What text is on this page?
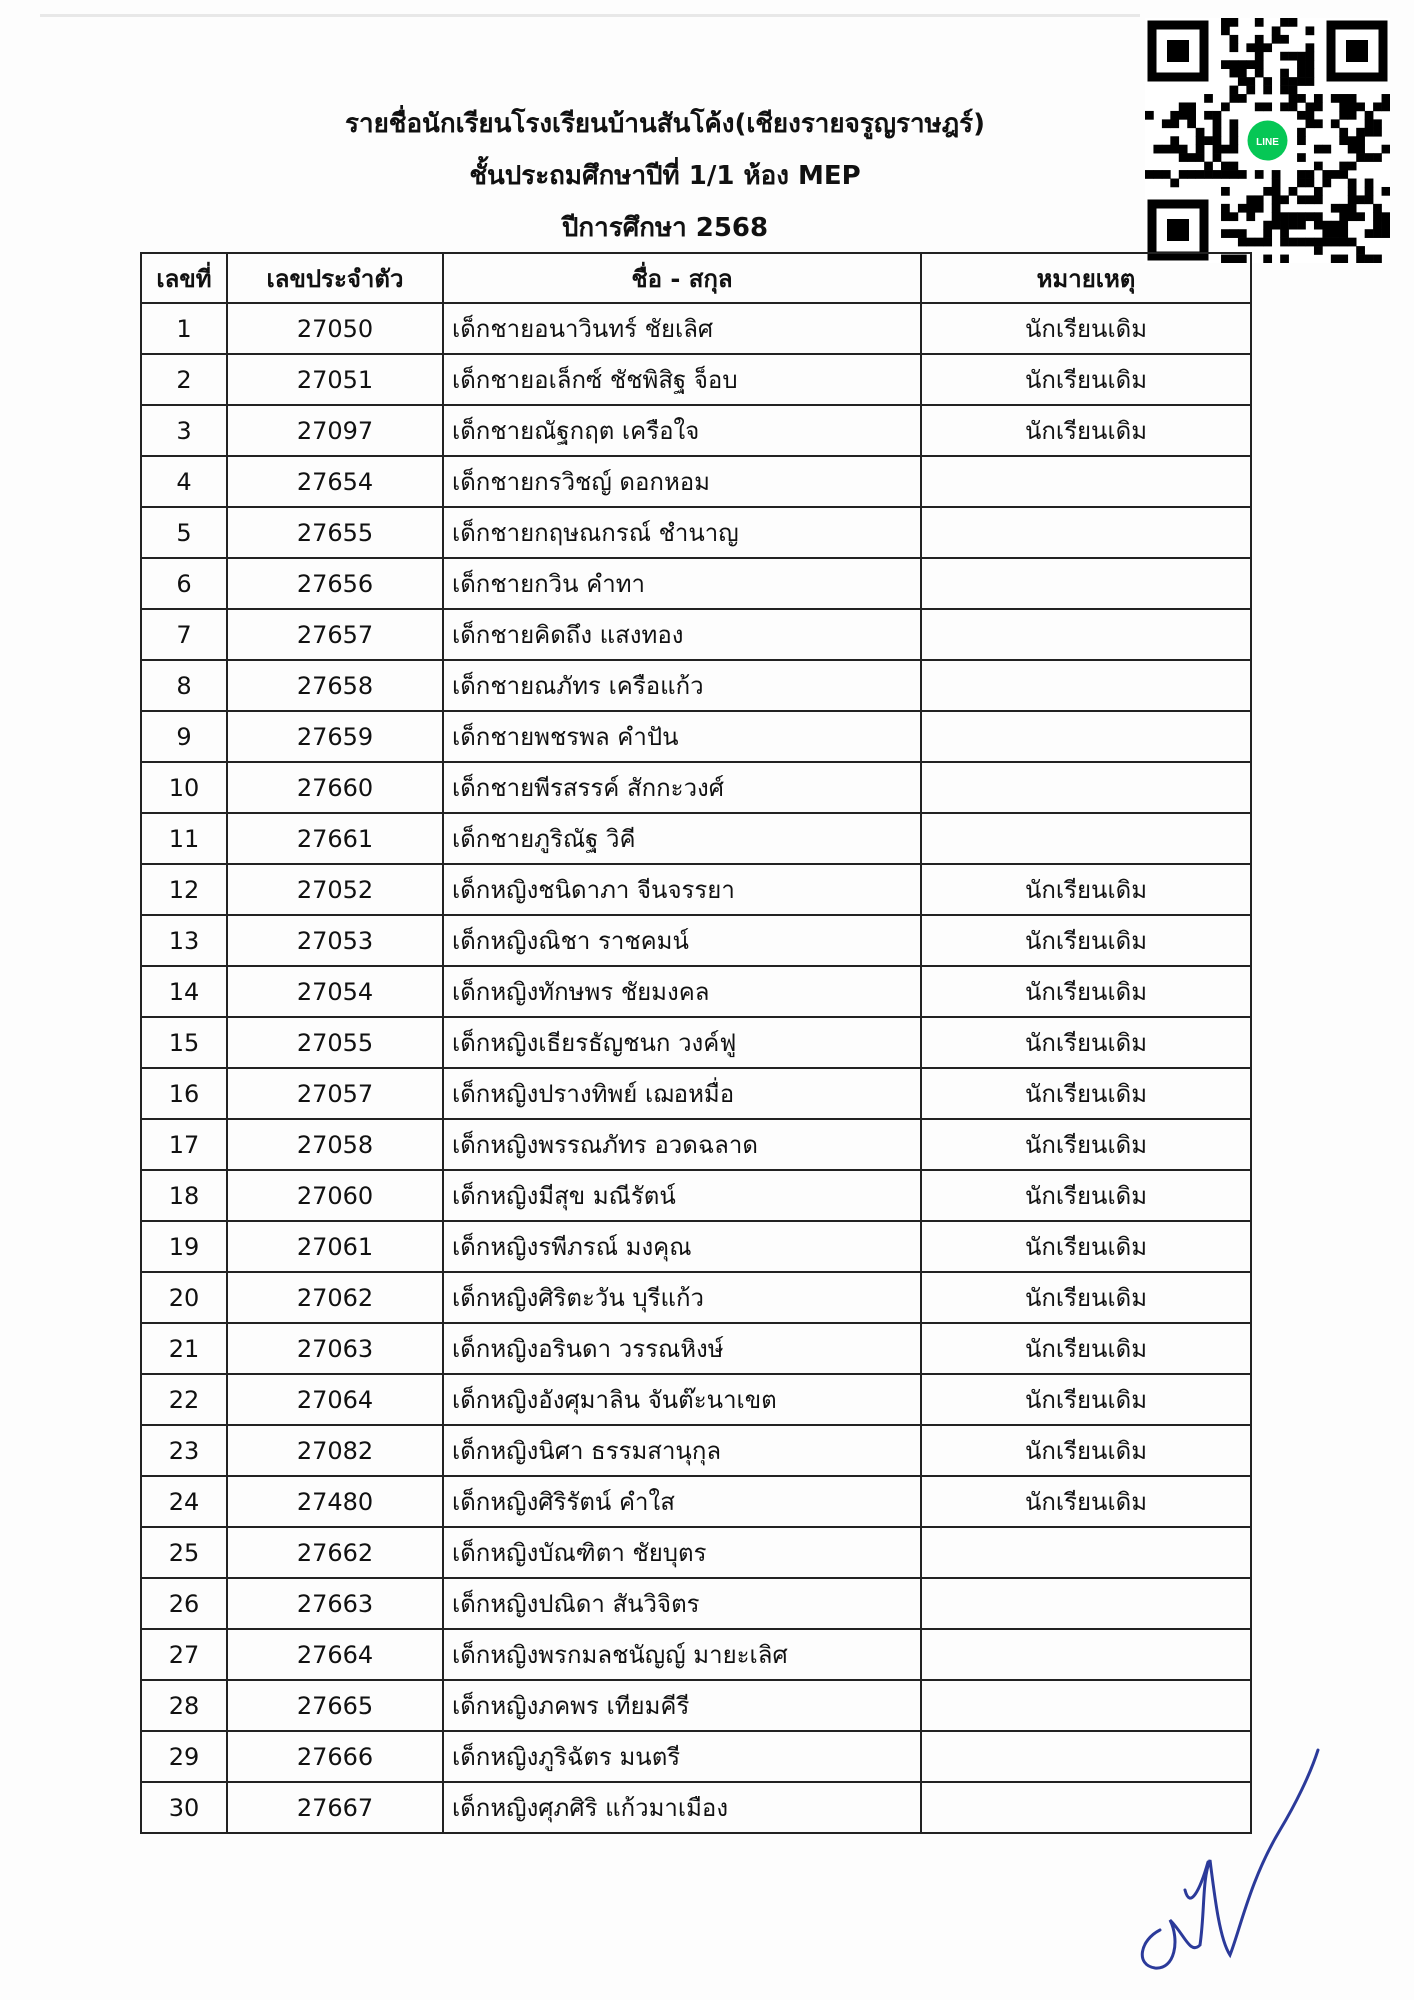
รายชื่อนักเรียนโรงเรียนบ้านสันโค้ง(เชียงรายจรูญราษฎร์)
ชั้นประถมศึกษาปีที่ 1/1 ห้อง MEP
ปีการศึกษา 2568
LINE
เลขที่	เลขประจำตัว	ชื่อ - สกุล	หมายเหตุ
1	27050	เด็กชายอนาวินทร์ ชัยเลิศ	นักเรียนเดิม
2	27051	เด็กชายอเล็กซ์ ชัชพิสิฐ จ็อบ	นักเรียนเดิม
3	27097	เด็กชายณัฐกฤต เครือใจ	นักเรียนเดิม
4	27654	เด็กชายกรวิชญ์ ดอกหอม	
5	27655	เด็กชายกฤษณกรณ์ ชำนาญ	
6	27656	เด็กชายกวิน คำทา	
7	27657	เด็กชายคิดถึง แสงทอง	
8	27658	เด็กชายณภัทร เครือแก้ว	
9	27659	เด็กชายพชรพล คำปัน	
10	27660	เด็กชายพีรสรรค์ สักกะวงศ์	
11	27661	เด็กชายภูริณัฐ วิคี	
12	27052	เด็กหญิงชนิดาภา จีนจรรยา	นักเรียนเดิม
13	27053	เด็กหญิงณิชา ราชคมน์	นักเรียนเดิม
14	27054	เด็กหญิงทักษพร ชัยมงคล	นักเรียนเดิม
15	27055	เด็กหญิงเธียรธัญชนก วงค์ฟู	นักเรียนเดิม
16	27057	เด็กหญิงปรางทิพย์ เฌอหมื่อ	นักเรียนเดิม
17	27058	เด็กหญิงพรรณภัทร อวดฉลาด	นักเรียนเดิม
18	27060	เด็กหญิงมีสุข มณีรัตน์	นักเรียนเดิม
19	27061	เด็กหญิงรพีภรณ์ มงคุณ	นักเรียนเดิม
20	27062	เด็กหญิงศิริตะวัน บุรีแก้ว	นักเรียนเดิม
21	27063	เด็กหญิงอรินดา วรรณหิงษ์	นักเรียนเดิม
22	27064	เด็กหญิงอังศุมาลิน จันต๊ะนาเขต	นักเรียนเดิม
23	27082	เด็กหญิงนิศา ธรรมสานุกุล	นักเรียนเดิม
24	27480	เด็กหญิงศิริรัตน์ คำใส	นักเรียนเดิม
25	27662	เด็กหญิงบัณฑิตา ชัยบุตร	
26	27663	เด็กหญิงปณิดา สันวิจิตร	
27	27664	เด็กหญิงพรกมลชนัญญ์ มายะเลิศ	
28	27665	เด็กหญิงภคพร เทียมคีรี	
29	27666	เด็กหญิงภูริฉัตร มนตรี	
30	27667	เด็กหญิงศุภศิริ แก้วมาเมือง	
